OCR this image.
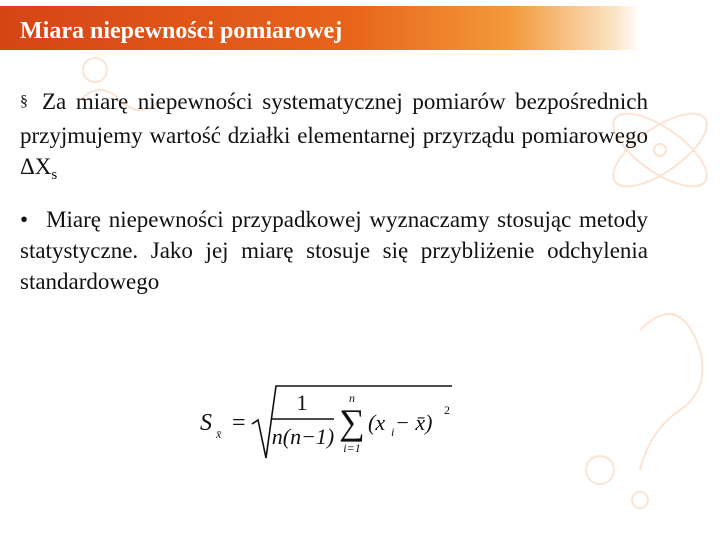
Miara niepewności pomiarowej
§ Za miarę niepewności systematycznej pomiarów bezpośrednich przyjmujemy wartość działki elementarnej przyrządu pomiarowego $\Delta X_s$
• Miarę niepewności przypadkowej wyznaczamy stosując metody statystyczne. Jako jej miarę stosuje się przybliżenie odchylenia standardowego
S x̄ =
1
n(n−1)
n
∑
i=1
(x i − x̄) 2
